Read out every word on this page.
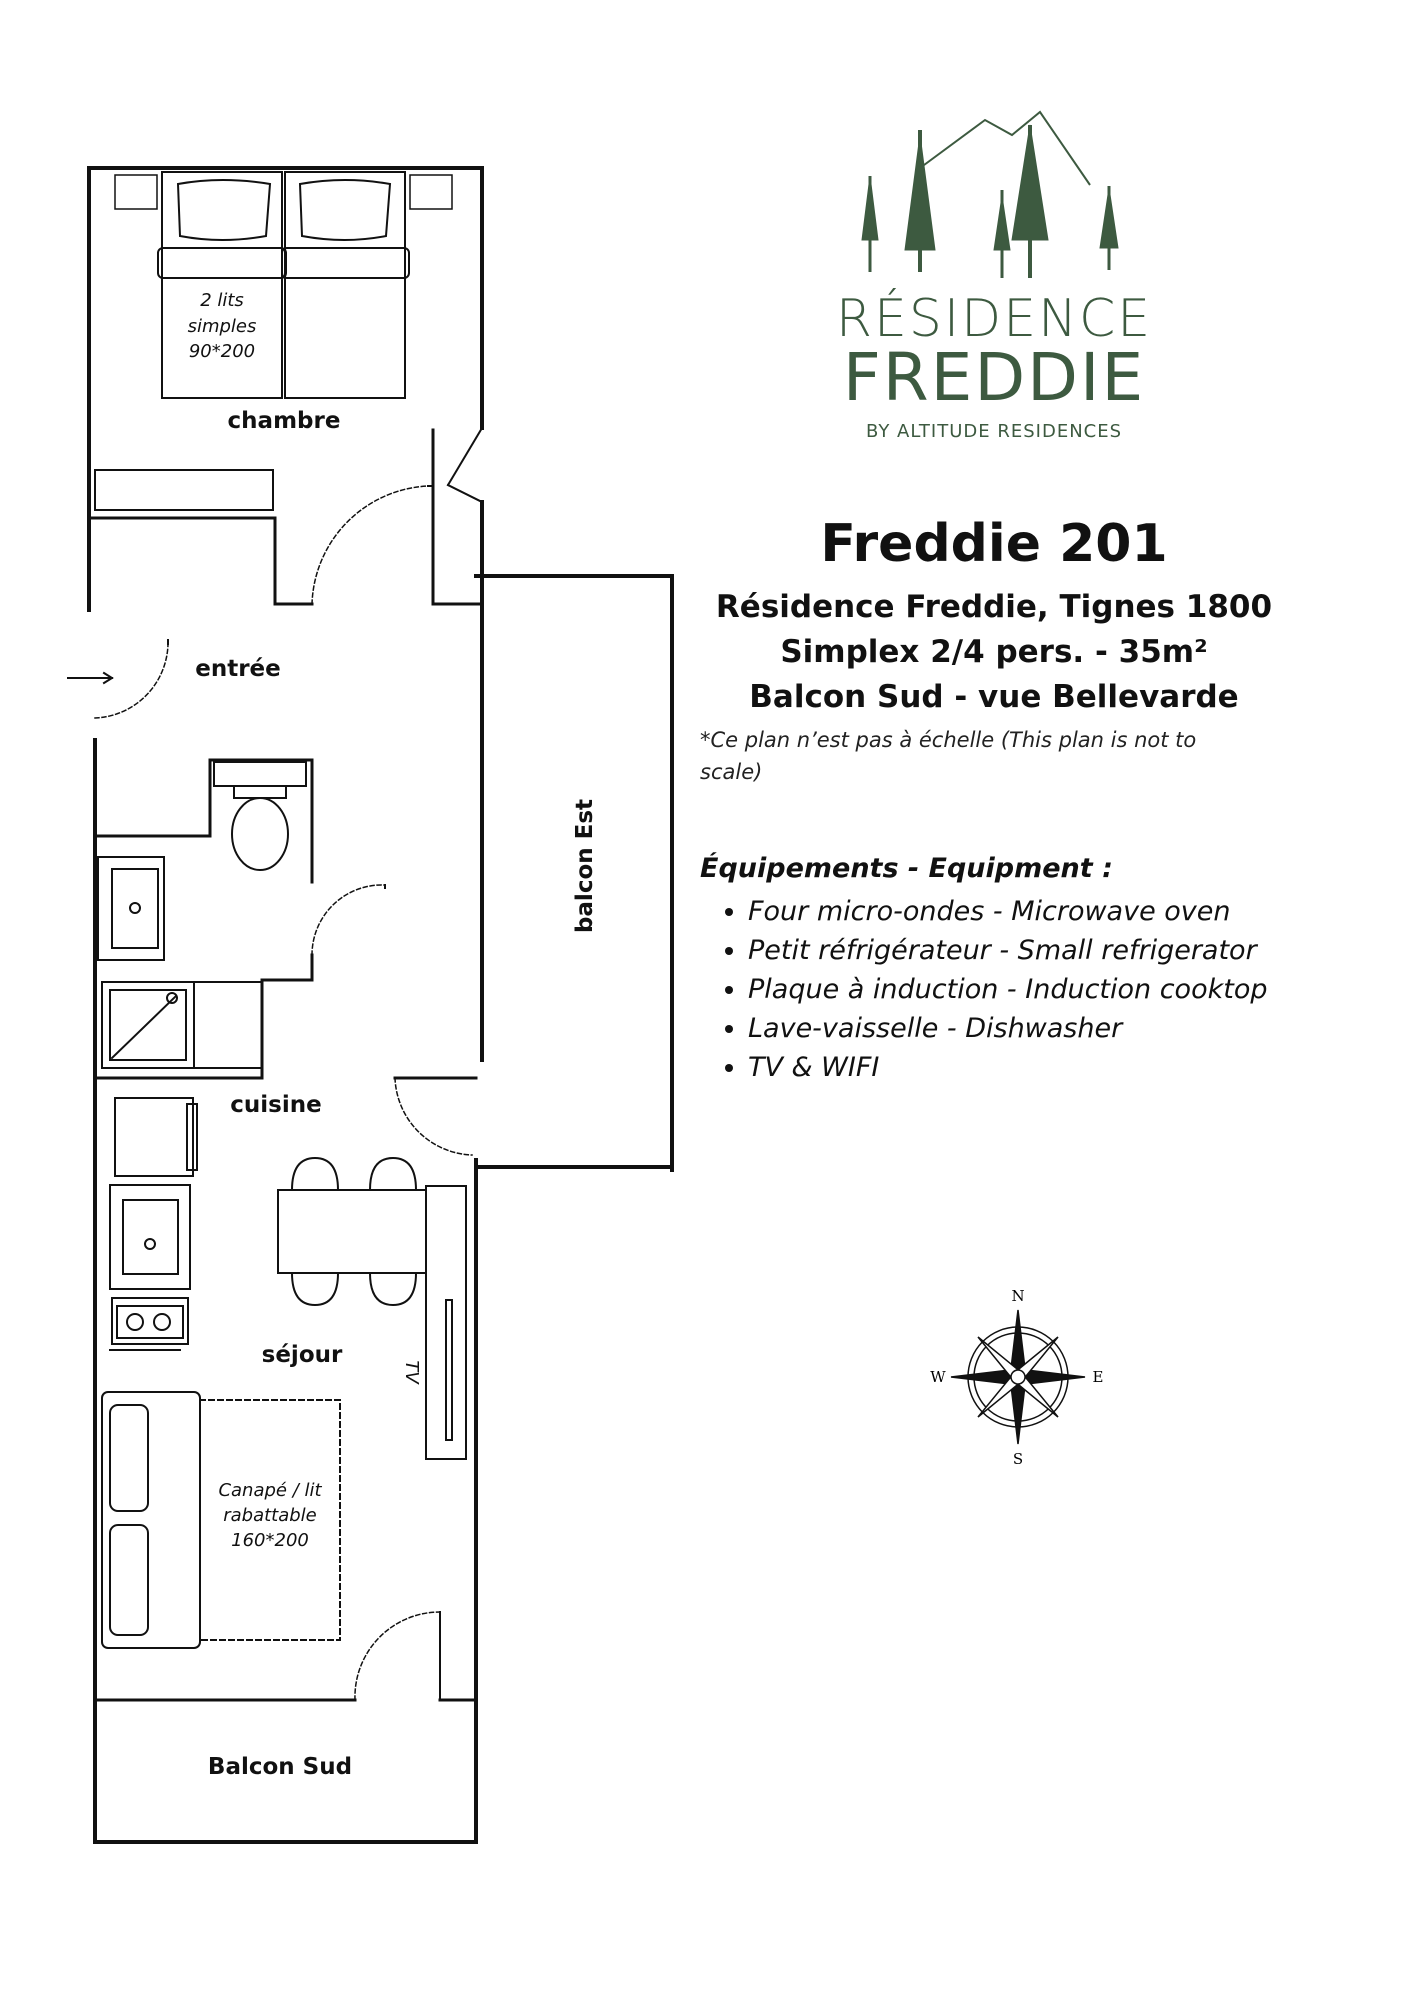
chambre
entrée
cuisine
séjour
balcon Est
Balcon Sud
2 lits
simples
90*200
Canapé / lit
rabattable
160*200
TV
RÉSIDENCE
FREDDIE
BY ALTITUDE RESIDENCES
N
S
W	E
Freddie 201
Résidence Freddie, Tignes 1800
Simplex 2/4 pers. - 35m²
Balcon Sud - vue Bellevarde
*Ce plan n’est pas à échelle (This plan is not to scale)
Équipements - Equipment :
• Four micro-ondes - Microwave oven
• Petit réfrigérateur - Small refrigerator
• Plaque à induction - Induction cooktop
• Lave-vaisselle - Dishwasher
• TV & WIFI
